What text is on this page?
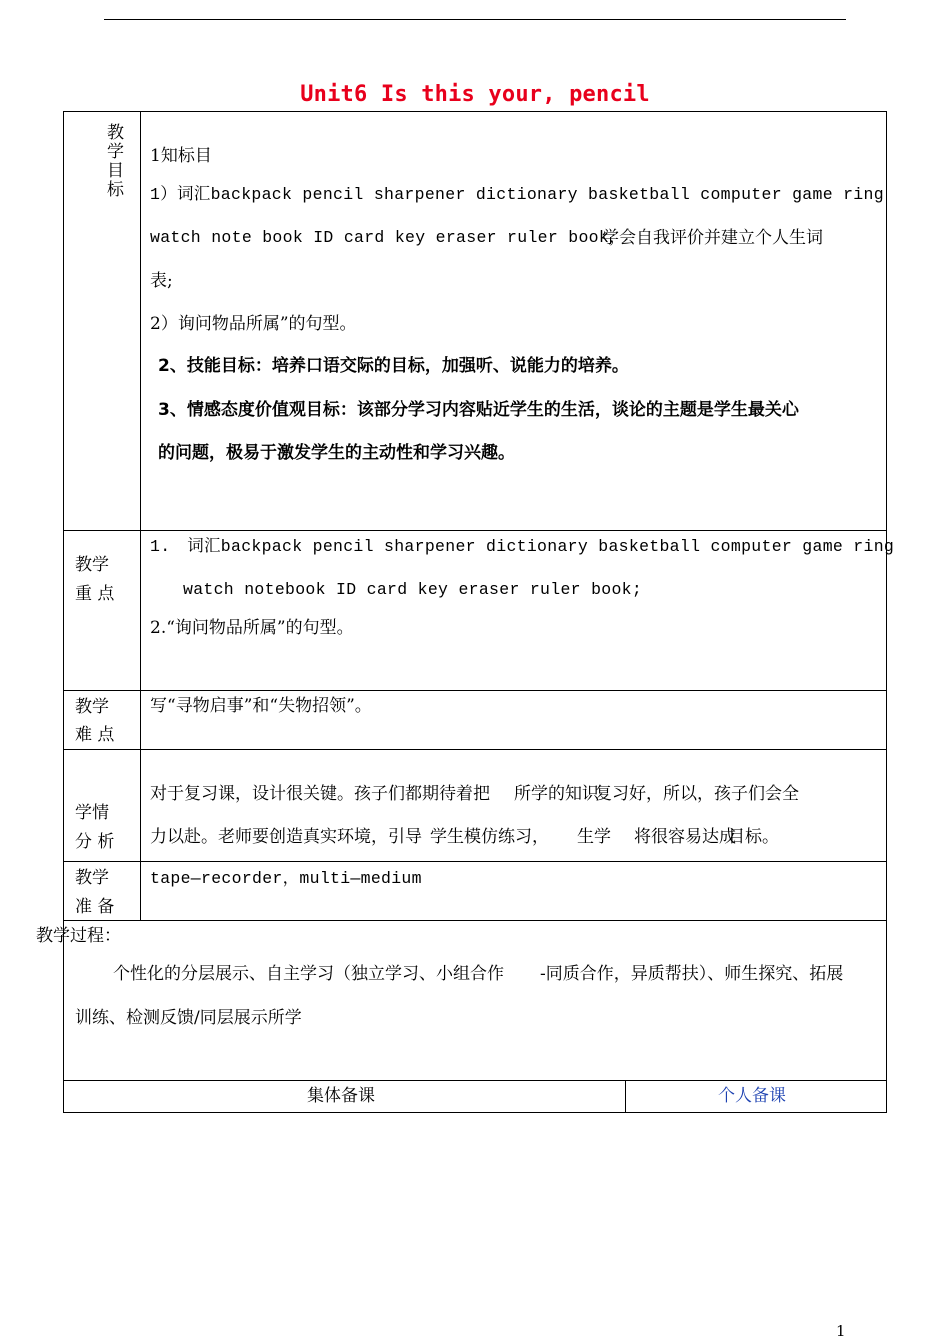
Unit6 Is this your, pencil
教
学
目
标
1知标目
1）词汇backpack pencil sharpener dictionary basketball computer game ring
watch note book ID card key eraser ruler book，
学会自我评价并建立个人生词
表;
2）询问物品所属”的句型。
2、技能目标：培养口语交际的目标，加强听、说能力的培养。
3、情感态度价值观目标：该部分学习内容贴近学生的生活，谈论的主题是学生最关心
的问题，极易于激发学生的主动性和学习兴趣。
教学
重 点
1.　词汇backpack pencil sharpener dictionary basketball computer game ring
watch notebook ID card key eraser ruler book;
2.“询问物品所属”的句型。
教学
难 点
写“寻物启事”和“失物招领”。
学情
分 析
对于复习课，设计很关键。孩子们都期待着把 所学的知识
复习好，所以，孩子们会全
力以赴。老师要创造真实环境，引导 学生模仿练习， 生学 将很容易达成
目标。
教学
准 备
tape—recorder，multi—medium
教学过程：
个性化的分层展示、自主学习（独立学习、小组合作 -同质合作，异质帮扶）、师生探究、拓展
训练、检测反馈/同层展示所学
集体备课	个人备课
1
